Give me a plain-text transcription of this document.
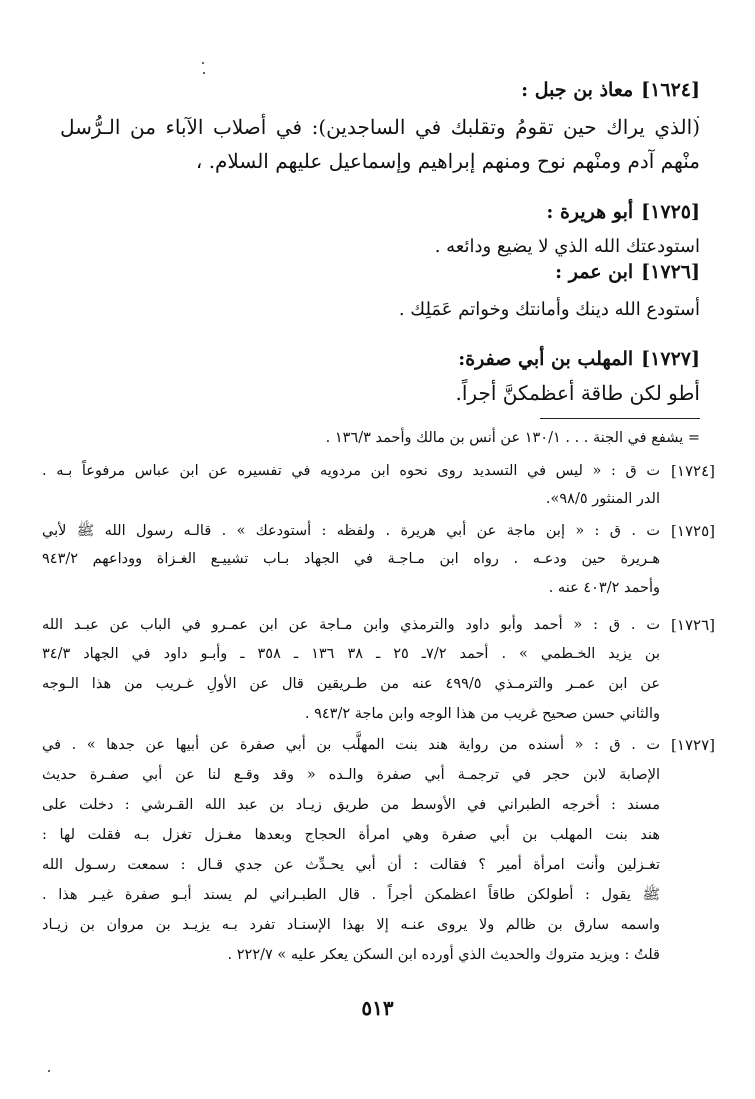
[١٦٢٤]معاذ بن جبل :
(الذي يراك حين تقومُ وتقلبك في الساجدين): في أصلاب الآباء من الـرُّسل
منْهم آدم ومنْهم نوح ومنهم إبراهيم وإسماعيل عليهم السلام. ،
[١٧٢٥]أبو هريرة :
استودعتك الله الذي لا يضيع ودائعه .
[١٧٢٦]ابن عمر :
أستودع الله دينك وأمانتك وخواتم عَمَلِك .
[١٧٢٧]المهلب بن أبي صفرة:
أطو لكن طاقة أعظمكنَّ أجراً.
= يشفع في الجنة . . . ١٣٠/١ عن أنس بن مالك وأحمد ١٣٦/٣ .
[١٧٢٤]
ت ق : « ليس في التسديد روى نحوه ابن مردويه في تفسيره عن ابن عباس مرفوعاً بـه .
الدر المنثور ٩٨/٥».
[١٧٢٥]
ت . ق : « إبن ماجة عن أبي هريرة . ولفظه : أستودعك » . قالـه رسول الله ﷺ لأبي
هـريرة حين ودعـه . رواه ابن مـاجـة في الجهاد بـاب تشييـع الغـزاة ووداعهم ٩٤٣/٢
وأحمد ٤٠٣/٢ عنه .
[١٧٢٦]
ت . ق : « أحمد وأبو داود والترمذي وابن مـاجة عن ابن عمـرو في الباب عن عبـد الله
بن يزيد الخـطمي » . أحمد ٧/٢ـ ٢٥ ـ ٣٨ ١٣٦ ـ ٣٥٨ ـ وأبـو داود في الجهاد ٣٤/٣
عن ابن عمـر والترمـذي ٤٩٩/٥ عنه من طـريقين قال عن الأولِ غـريب من هذا الـوجه
والثاني حسن صحيح غريب من هذا الوجه وابن ماجة ٩٤٣/٢ .
[١٧٢٧]
ت . ق : « أسنده من رواية هند بنت المهلَّب بن أبي صفرة عن أبيها عن جدها » . في
الإصابة لابن حجر في ترجمـة أبي صفرة والـده « وقد وقـع لنا عن أبي صفـرة حديث
مسند : أخرجه الطبراني في الأوسط من طريق زيـاد بن عبد الله القـرشي : دخلت على
هند بنت المهلب بن أبي صفرة وهي امرأة الحجاج وبعدها مغـزل تغزل بـه فقلت لها :
تغـزلين وأنت امرأة أمير ؟ فقالت : أن أبي يحـدِّث عن جدي قـال : سمعت رسـول الله
ﷺ يقول : أطولكن طاقاً اعظمكن أجراً . قال الطبـراني لم يسند أبـو صفرة غيـر هذا .
واسمه سارق بن ظالم ولا يروى عنـه إلا بهذا الإسنـاد تفرد بـه يزيـد بن مروان بن زيـاد
قلتُ : ويزيد متروك والحديث الذي أورده ابن السكن يعكر عليه » ٢٢٢/٧ .
٥١٣
